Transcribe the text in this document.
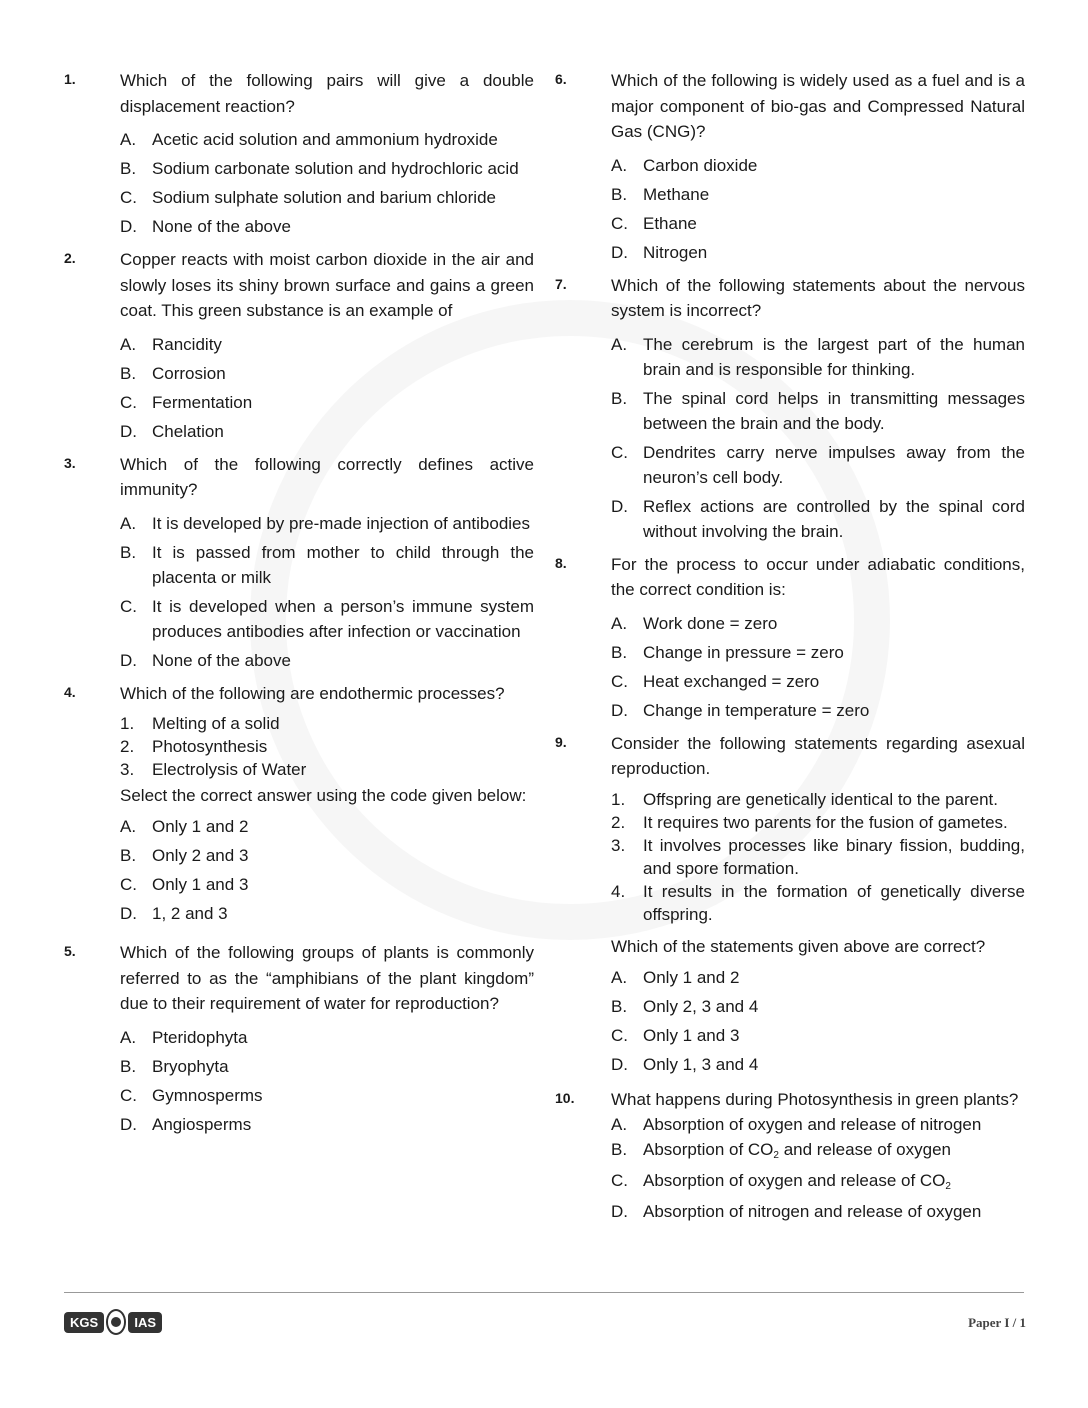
1.	Which of the following pairs will give a double displacement reaction?
A. Acetic acid solution and ammonium hydroxide
B. Sodium carbonate solution and hydrochloric acid
C. Sodium sulphate solution and barium chloride
D. None of the above
2.	Copper reacts with moist carbon dioxide in the air and slowly loses its shiny brown surface and gains a green coat. This green substance is an example of
A. Rancidity
B. Corrosion
C. Fermentation
D. Chelation
3.	Which of the following correctly defines active immunity?
A. It is developed by pre-made injection of antibodies
B. It is passed from mother to child through the placenta or milk
C. It is developed when a person’s immune system produces antibodies after infection or vaccination
D. None of the above
4.	Which of the following are endothermic processes?
1. Melting of a solid
2. Photosynthesis
3. Electrolysis of Water
Select the correct answer using the code given below:
A. Only 1 and 2
B. Only 2 and 3
C. Only 1 and 3
D. 1, 2 and 3
5.	Which of the following groups of plants is commonly referred to as the “amphibians of the plant kingdom” due to their requirement of water for reproduction?
A. Pteridophyta
B. Bryophyta
C. Gymnosperms
D. Angiosperms
6.	Which of the following is widely used as a fuel and is a major component of bio-gas and Compressed Natural Gas (CNG)?
A. Carbon dioxide
B. Methane
C. Ethane
D. Nitrogen
7.	Which of the following statements about the nervous system is incorrect?
A. The cerebrum is the largest part of the human brain and is responsible for thinking.
B. The spinal cord helps in transmitting messages between the brain and the body.
C. Dendrites carry nerve impulses away from the neuron’s cell body.
D. Reflex actions are controlled by the spinal cord without involving the brain.
8.	For the process to occur under adiabatic conditions, the correct condition is:
A. Work done = zero
B. Change in pressure = zero
C. Heat exchanged = zero
D. Change in temperature = zero
9.	Consider the following statements regarding asexual reproduction.
1. Offspring are genetically identical to the parent.
2. It requires two parents for the fusion of gametes.
3. It involves processes like binary fission, budding, and spore formation.
4. It results in the formation of genetically diverse offspring.
Which of the statements given above are correct?
A. Only 1 and 2
B. Only 2, 3 and 4
C. Only 1 and 3
D. Only 1, 3 and 4
10. What happens during Photosynthesis in green plants?
A. Absorption of oxygen and release of nitrogen
B. Absorption of $CO_2$ and release of oxygen
C. Absorption of oxygen and release of $CO_2$
D. Absorption of nitrogen and release of oxygen
KGS	IAS	Paper I / 1
